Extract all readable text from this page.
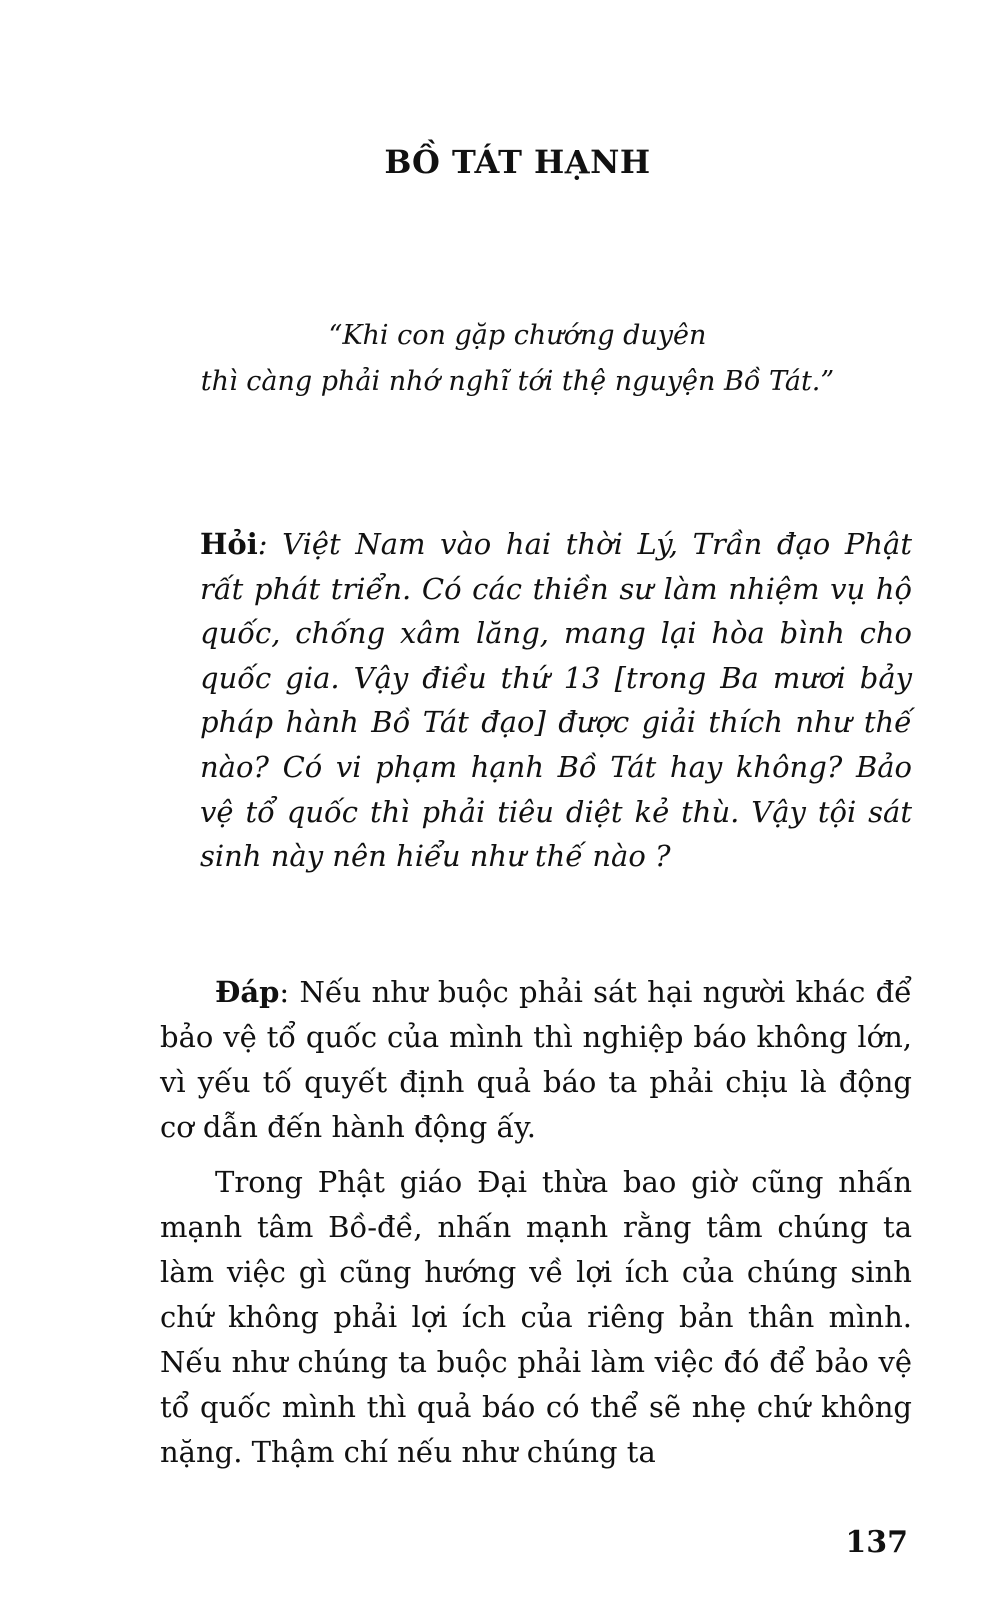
BỒ TÁT HẠNH
“Khi con gặp chướng duyên
thì càng phải nhớ nghĩ tới thệ nguyện Bồ Tát.”

Hỏi: Việt Nam vào hai thời Lý, Trần đạo Phật rất phát triển. Có các thiền sư làm nhiệm vụ hộ quốc, chống xâm lăng, mang lại hòa bình cho quốc gia. Vậy điều thứ 13 [trong Ba mươi bảy pháp hành Bồ Tát đạo] được giải thích như thế nào? Có vi phạm hạnh Bồ Tát hay không? Bảo vệ tổ quốc thì phải tiêu diệt kẻ thù. Vậy tội sát sinh này nên hiểu như thế nào ?

Đáp: Nếu như buộc phải sát hại người khác để bảo vệ tổ quốc của mình thì nghiệp báo không lớn, vì yếu tố quyết định quả báo ta phải chịu là động cơ dẫn đến hành động ấy.

Trong Phật giáo Đại thừa bao giờ cũng nhấn mạnh tâm Bồ-đề, nhấn mạnh rằng tâm chúng ta làm việc gì cũng hướng về lợi ích của chúng sinh chứ không phải lợi ích của riêng bản thân mình. Nếu như chúng ta buộc phải làm việc đó để bảo vệ tổ quốc mình thì quả báo có thể sẽ nhẹ chứ không nặng. Thậm chí nếu như chúng ta

137
